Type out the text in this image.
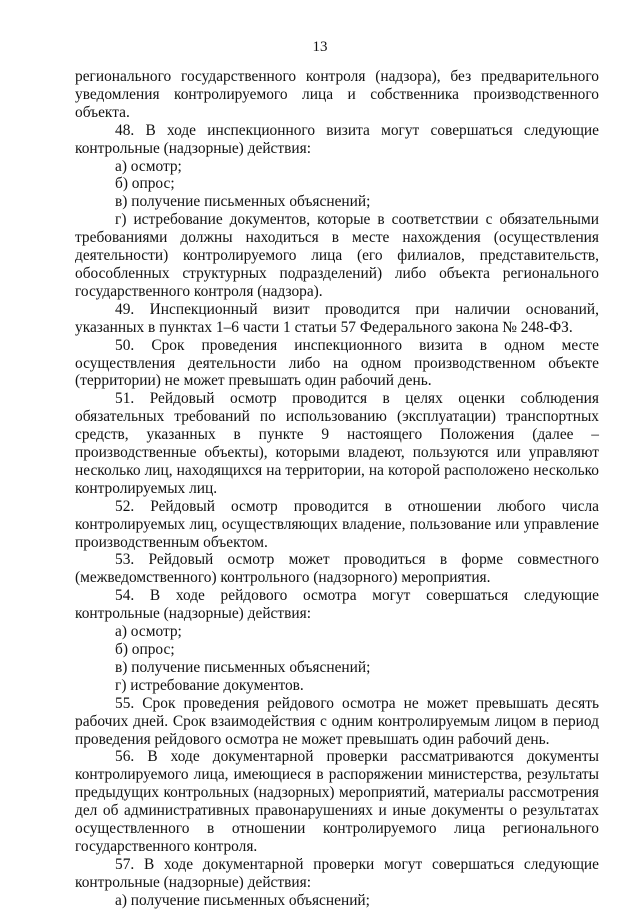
13

регионального государственного контроля (надзора), без предварительного уведомления контролируемого лица и собственника производственного объекта.

48. В ходе инспекционного визита могут совершаться следующие контрольные (надзорные) действия:

а) осмотр;

б) опрос;

в) получение письменных объяснений;

г) истребование документов, которые в соответствии с обязательными требованиями должны находиться в месте нахождения (осуществления деятельности) контролируемого лица (его филиалов, представительств, обособленных структурных подразделений) либо объекта регионального государственного контроля (надзора).

49. Инспекционный визит проводится при наличии оснований, указанных в пунктах 1–6 части 1 статьи 57 Федерального закона № 248-ФЗ.

50. Срок проведения инспекционного визита в одном месте осуществления деятельности либо на одном производственном объекте (территории) не может превышать один рабочий день.

51. Рейдовый осмотр проводится в целях оценки соблюдения обязательных требований по использованию (эксплуатации) транспортных средств, указанных в пункте 9 настоящего Положения (далее – производственные объекты), которыми владеют, пользуются или управляют несколько лиц, находящихся на территории, на которой расположено несколько контролируемых лиц.

52. Рейдовый осмотр проводится в отношении любого числа контролируемых лиц, осуществляющих владение, пользование или управление производственным объектом.

53. Рейдовый осмотр может проводиться в форме совместного (межведомственного) контрольного (надзорного) мероприятия.

54. В ходе рейдового осмотра могут совершаться следующие контрольные (надзорные) действия:

а) осмотр;

б) опрос;

в) получение письменных объяснений;

г) истребование документов.

55. Срок проведения рейдового осмотра не может превышать десять рабочих дней. Срок взаимодействия с одним контролируемым лицом в период проведения рейдового осмотра не может превышать один рабочий день.

56. В ходе документарной проверки рассматриваются документы контролируемого лица, имеющиеся в распоряжении министерства, результаты предыдущих контрольных (надзорных) мероприятий, материалы рассмотрения дел об административных правонарушениях и иные документы о результатах осуществленного в отношении контролируемого лица регионального государственного контроля.

57. В ходе документарной проверки могут совершаться следующие контрольные (надзорные) действия:

а) получение письменных объяснений;
